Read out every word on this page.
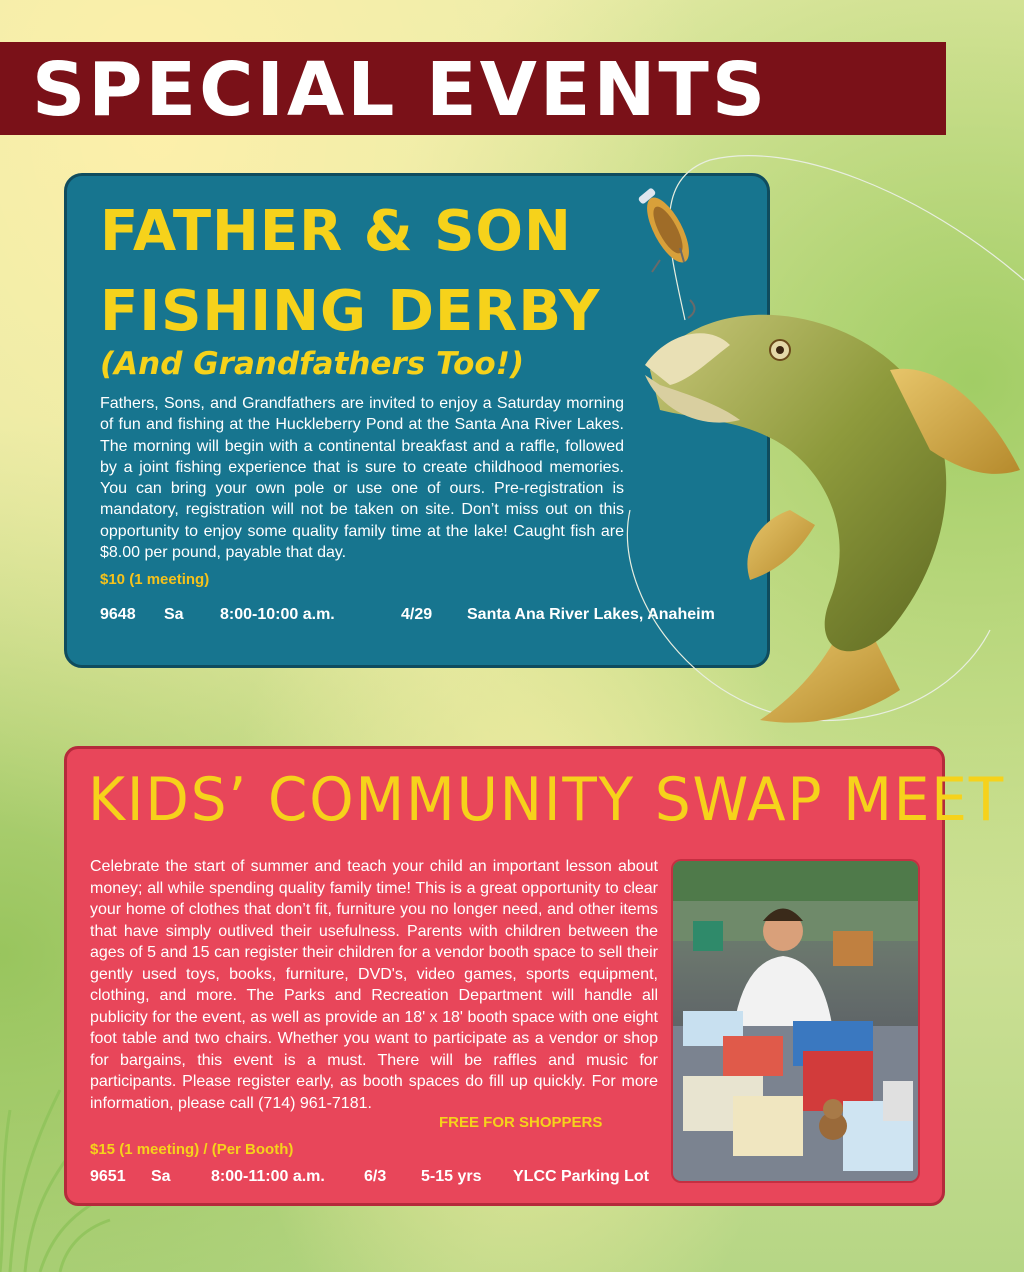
SPECIAL EVENTS
FATHER & SON
FISHING DERBY

(And Grandfathers Too!)

Fathers, Sons, and Grandfathers are invited to enjoy a Saturday morning of fun and fishing at the Huckleberry Pond at the Santa Ana River Lakes. The morning will begin with a continental breakfast and a raffle, followed by a joint fishing experience that is sure to create childhood memories. You can bring your own pole or use one of ours. Pre-registration is mandatory, registration will not be taken on site. Don’t miss out on this opportunity to enjoy some quality family time at the lake! Caught fish are $8.00 per pound, payable that day.

$10 (1 meeting)

9648 Sa 8:00-10:00 a.m.	4/29 Santa Ana River Lakes, Anaheim
KIDS’ COMMUNITY SWAP MEET

Celebrate the start of summer and teach your child an important lesson about money; all while spending quality family time! This is a great opportunity to clear your home of clothes that don’t fit, furniture you no longer need, and other items that have simply outlived their usefulness. Parents with children between the ages of 5 and 15 can register their children for a vendor booth space to sell their gently used toys, books, furniture, DVD's, video games, sports equipment, clothing, and more. The Parks and Recreation Department will handle all publicity for the event, as well as provide an 18' x 18' booth space with one eight foot table and two chairs. Whether you want to participate as a vendor or shop for bargains, this event is a must. There will be raffles and music for participants. Please register early, as booth spaces do fill up quickly. For more information, please call (714) 961-7181.

FREE FOR SHOPPERS

$15 (1 meeting) / (Per Booth)

9651 Sa	8:00-11:00 a.m. 6/3 5-15 yrs YLCC Parking Lot
